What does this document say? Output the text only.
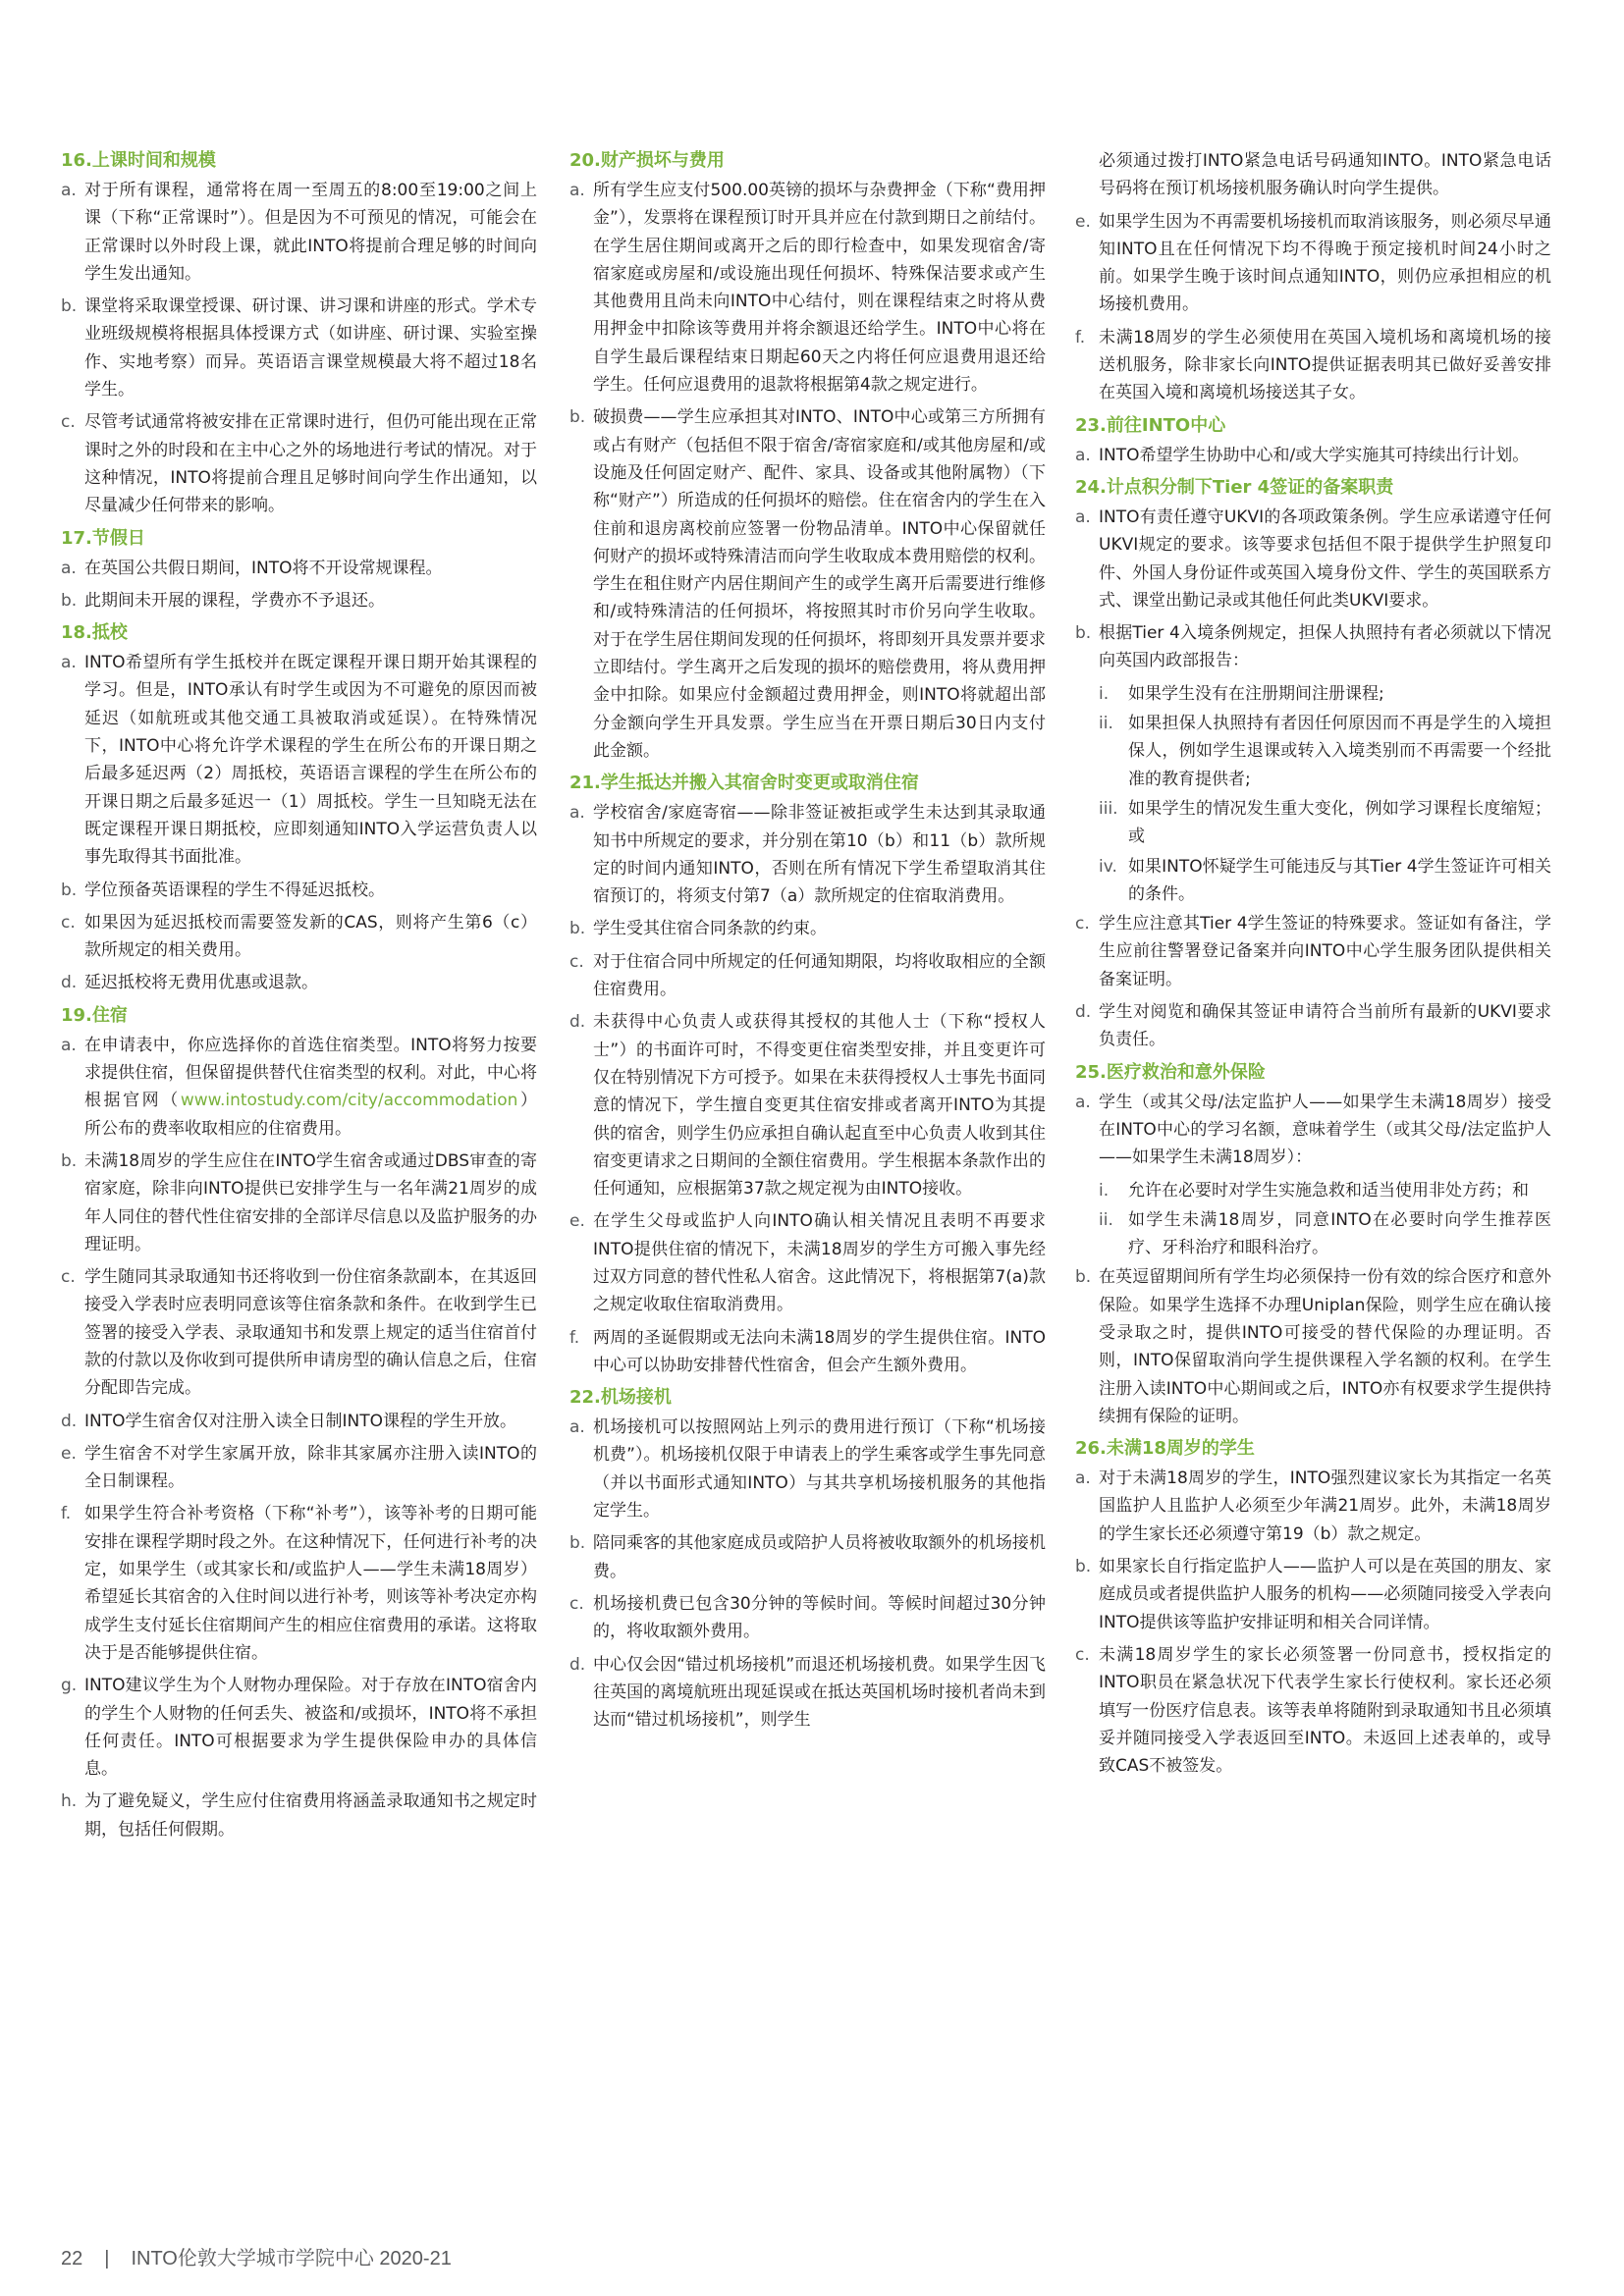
16.上课时间和规模
a. 对于所有课程，通常将在周一至周五的8:00至19:00之间上课（下称“正常课时”）。但是因为不可预见的情况，可能会在正常课时以外时段上课，就此INTO将提前合理足够的时间向学生发出通知。
b. 课堂将采取课堂授课、研讨课、讲习课和讲座的形式。学术专业班级规模将根据具体授课方式（如讲座、研讨课、实验室操作、实地考察）而异。英语语言课堂规模最大将不超过18名学生。
c. 尽管考试通常将被安排在正常课时进行，但仍可能出现在正常课时之外的时段和在主中心之外的场地进行考试的情况。对于这种情况，INTO将提前合理且足够时间向学生作出通知，以尽量减少任何带来的影响。
17.节假日
a. 在英国公共假日期间，INTO将不开设常规课程。
b. 此期间未开展的课程，学费亦不予退还。
18.抵校
a. INTO希望所有学生抵校并在既定课程开课日期开始其课程的学习。但是，INTO承认有时学生或因为不可避免的原因而被延迟（如航班或其他交通工具被取消或延误）。在特殊情况下，INTO中心将允许学术课程的学生在所公布的开课日期之后最多延迟两（2）周抵校，英语语言课程的学生在所公布的开课日期之后最多延迟一（1）周抵校。学生一旦知晓无法在既定课程开课日期抵校，应即刻通知INTO入学运营负责人以事先取得其书面批准。
b. 学位预备英语课程的学生不得延迟抵校。
c. 如果因为延迟抵校而需要签发新的CAS，则将产生第6（c）款所规定的相关费用。
d. 延迟抵校将无费用优惠或退款。
19.住宿
a. 在申请表中，你应选择你的首选住宿类型。INTO将努力按要求提供住宿，但保留提供替代住宿类型的权利。对此，中心将根据官网（www.intostudy.com/city/accommodation）所公布的费率收取相应的住宿费用。
b. 未满18周岁的学生应住在INTO学生宿舍或通过DBS审查的寄宿家庭，除非向INTO提供已安排学生与一名年满21周岁的成年人同住的替代性住宿安排的全部详尽信息以及监护服务的办理证明。
c. 学生随同其录取通知书还将收到一份住宿条款副本，在其返回接受入学表时应表明同意该等住宿条款和条件。在收到学生已签署的接受入学表、录取通知书和发票上规定的适当住宿首付款的付款以及你收到可提供所申请房型的确认信息之后，住宿分配即告完成。
d. INTO学生宿舍仅对注册入读全日制INTO课程的学生开放。
e. 学生宿舍不对学生家属开放，除非其家属亦注册入读INTO的全日制课程。
f. 如果学生符合补考资格（下称“补考”），该等补考的日期可能安排在课程学期时段之外。在这种情况下，任何进行补考的决定，如果学生（或其家长和/或监护人——学生未满18周岁）希望延长其宿舍的入住时间以进行补考，则该等补考决定亦构成学生支付延长住宿期间产生的相应住宿费用的承诺。这将取决于是否能够提供住宿。
g. INTO建议学生为个人财物办理保险。对于存放在INTO宿舍内的学生个人财物的任何丢失、被盗和/或损坏，INTO将不承担任何责任。INTO可根据要求为学生提供保险申办的具体信息。
h. 为了避免疑义，学生应付住宿费用将涵盖录取通知书之规定时期，包括任何假期。
20.财产损坏与费用
a. 所有学生应支付500.00英镑的损坏与杂费押金（下称“费用押金”），发票将在课程预订时开具并应在付款到期日之前结付。在学生居住期间或离开之后的即行检查中，如果发现宿舍/寄宿家庭或房屋和/或设施出现任何损坏、特殊保洁要求或产生其他费用且尚未向INTO中心结付，则在课程结束之时将从费用押金中扣除该等费用并将余额退还给学生。INTO中心将在自学生最后课程结束日期起60天之内将任何应退费用退还给学生。任何应退费用的退款将根据第4款之规定进行。
b. 破损费——学生应承担其对INTO、INTO中心或第三方所拥有或占有财产（包括但不限于宿舍/寄宿家庭和/或其他房屋和/或设施及任何固定财产、配件、家具、设备或其他附属物）（下称“财产”）所造成的任何损坏的赔偿。住在宿舍内的学生在入住前和退房离校前应签署一份物品清单。INTO中心保留就任何财产的损坏或特殊清洁而向学生收取成本费用赔偿的权利。学生在租住财产内居住期间产生的或学生离开后需要进行维修和/或特殊清洁的任何损坏，将按照其时市价另向学生收取。对于在学生居住期间发现的任何损坏，将即刻开具发票并要求立即结付。学生离开之后发现的损坏的赔偿费用，将从费用押金中扣除。如果应付金额超过费用押金，则INTO将就超出部分金额向学生开具发票。学生应当在开票日期后30日内支付此金额。
21.学生抵达并搬入其宿舍时变更或取消住宿
a. 学校宿舍/家庭寄宿——除非签证被拒或学生未达到其录取通知书中所规定的要求，并分别在第10（b）和11（b）款所规定的时间内通知INTO，否则在所有情况下学生希望取消其住宿预订的，将须支付第7（a）款所规定的住宿取消费用。
b. 学生受其住宿合同条款的约束。
c. 对于住宿合同中所规定的任何通知期限，均将收取相应的全额住宿费用。
d. 未获得中心负责人或获得其授权的其他人士（下称“授权人士”）的书面许可时，不得变更住宿类型安排，并且变更许可仅在特别情况下方可授予。如果在未获得授权人士事先书面同意的情况下，学生擅自变更其住宿安排或者离开INTO为其提供的宿舍，则学生仍应承担自确认起直至中心负责人收到其住宿变更请求之日期间的全额住宿费用。学生根据本条款作出的任何通知，应根据第37款之规定视为由INTO接收。
e. 在学生父母或监护人向INTO确认相关情况且表明不再要求INTO提供住宿的情况下，未满18周岁的学生方可搬入事先经过双方同意的替代性私人宿舍。这此情况下，将根据第7(a)款之规定收取住宿取消费用。
f. 两周的圣诞假期或无法向未满18周岁的学生提供住宿。INTO中心可以协助安排替代性宿舍，但会产生额外费用。
22.机场接机
a. 机场接机可以按照网站上列示的费用进行预订（下称“机场接机费”）。机场接机仅限于申请表上的学生乘客或学生事先同意（并以书面形式通知INTO）与其共享机场接机服务的其他指定学生。
b. 陪同乘客的其他家庭成员或陪护人员将被收取额外的机场接机费。
c. 机场接机费已包含30分钟的等候时间。等候时间超过30分钟的，将收取额外费用。
d. 中心仅会因“错过机场接机”而退还机场接机费。如果学生因飞往英国的离境航班出现延误或在抵达英国机场时接机者尚未到达而“错过机场接机”，则学生
必须通过拨打INTO紧急电话号码通知INTO。INTO紧急电话号码将在预订机场接机服务确认时向学生提供。
e. 如果学生因为不再需要机场接机而取消该服务，则必须尽早通知INTO且在任何情况下均不得晚于预定接机时间24小时之前。如果学生晚于该时间点通知INTO，则仍应承担相应的机场接机费用。
f. 未满18周岁的学生必须使用在英国入境机场和离境机场的接送机服务，除非家长向INTO提供证据表明其已做好妥善安排在英国入境和离境机场接送其子女。
23.前往INTO中心
a. INTO希望学生协助中心和/或大学实施其可持续出行计划。
24.计点积分制下Tier 4签证的备案职责
a. INTO有责任遵守UKVI的各项政策条例。学生应承诺遵守任何UKVI规定的要求。该等要求包括但不限于提供学生护照复印件、外国人身份证件或英国入境身份文件、学生的英国联系方式、课堂出勤记录或其他任何此类UKVI要求。
b. 根据Tier 4入境条例规定，担保人执照持有者必须就以下情况向英国内政部报告：
i.	如果学生没有在注册期间注册课程;
ii. 如果担保人执照持有者因任何原因而不再是学生的入境担保人，例如学生退课或转入入境类别而不再需要一个经批准的教育提供者;
iii. 如果学生的情况发生重大变化，例如学习课程长度缩短；或
iv. 如果INTO怀疑学生可能违反与其Tier 4学生签证许可相关的条件。
c. 学生应注意其Tier 4学生签证的特殊要求。签证如有备注，学生应前往警署登记备案并向INTO中心学生服务团队提供相关备案证明。
d. 学生对阅览和确保其签证申请符合当前所有最新的UKVI要求负责任。
25.医疗救治和意外保险
a. 学生（或其父母/法定监护人——如果学生未满18周岁）接受在INTO中心的学习名额，意味着学生（或其父母/法定监护人——如果学生未满18周岁）：
i.	允许在必要时对学生实施急救和适当使用非处方药；和
ii. 如学生未满18周岁，同意INTO在必要时向学生推荐医疗、牙科治疗和眼科治疗。
b. 在英逗留期间所有学生均必须保持一份有效的综合医疗和意外保险。如果学生选择不办理Uniplan保险，则学生应在确认接受录取之时，提供INTO可接受的替代保险的办理证明。否则，INTO保留取消向学生提供课程入学名额的权利。在学生注册入读INTO中心期间或之后，INTO亦有权要求学生提供持续拥有保险的证明。
26.未满18周岁的学生
a. 对于未满18周岁的学生，INTO强烈建议家长为其指定一名英国监护人且监护人必须至少年满21周岁。此外，未满18周岁的学生家长还必须遵守第19（b）款之规定。
b. 如果家长自行指定监护人——监护人可以是在英国的朋友、家庭成员或者提供监护人服务的机构——必须随同接受入学表向INTO提供该等监护安排证明和相关合同详情。
c. 未满18周岁学生的家长必须签署一份同意书，授权指定的INTO职员在紧急状况下代表学生家长行使权利。家长还必须填写一份医疗信息表。该等表单将随附到录取通知书且必须填妥并随同接受入学表返回至INTO。未返回上述表单的，或导致CAS不被签发。
22 | INTO伦敦大学城市学院中心 2020-21
